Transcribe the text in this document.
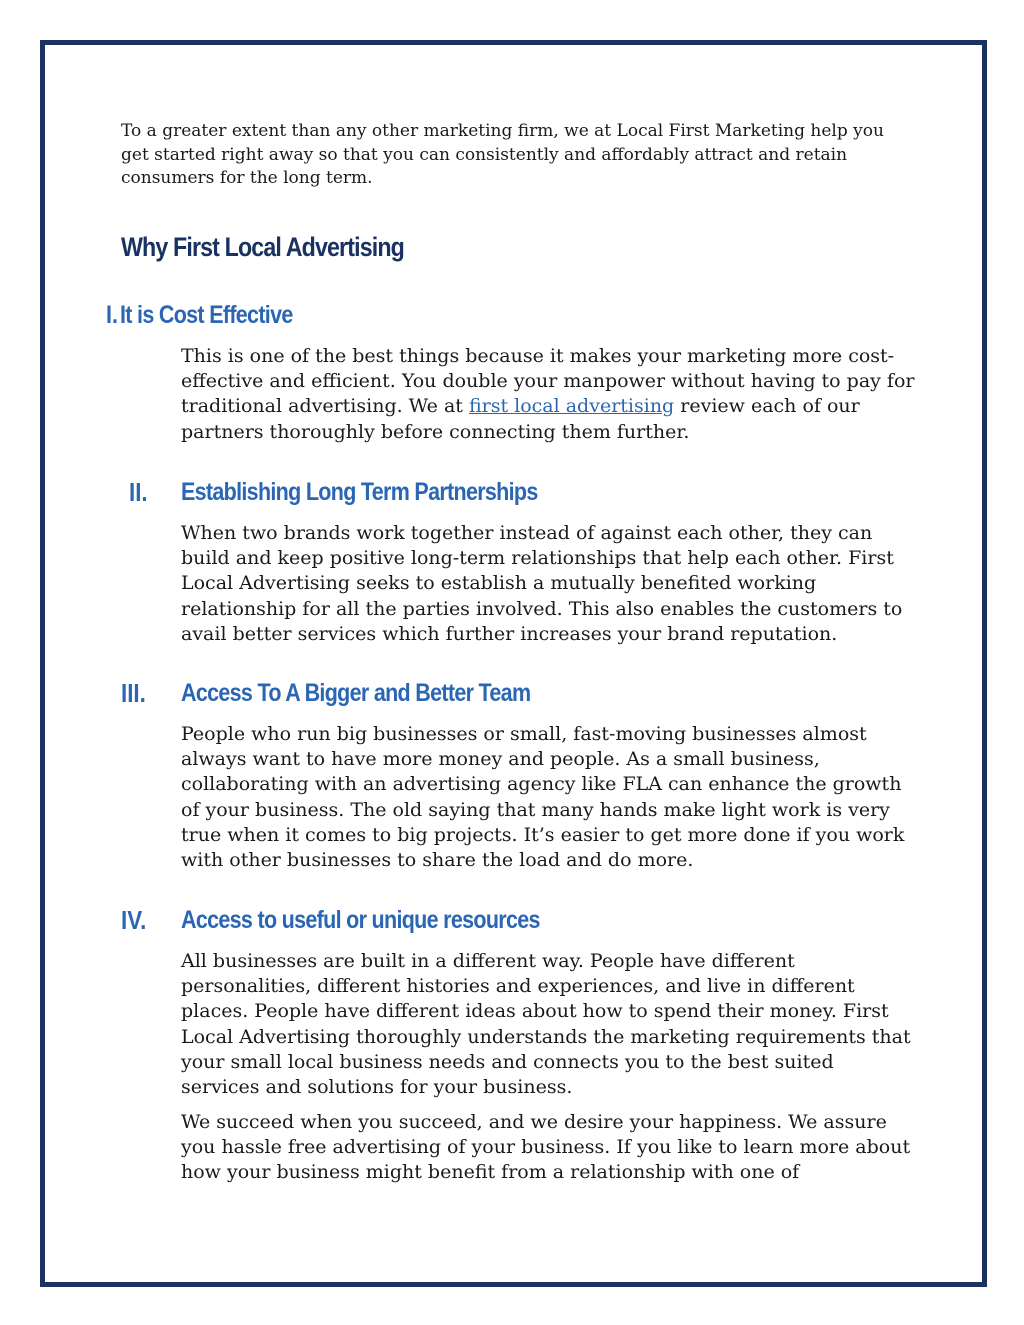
To a greater extent than any other marketing firm, we at Local First Marketing help you get started right away so that you can consistently and affordably attract and retain consumers for the long term.

Why First Local Advertising
I. It is Cost Effective

This is one of the best things because it makes your marketing more cost-effective and efficient. You double your manpower without having to pay for traditional advertising. We at first local advertising review each of our partners thoroughly before connecting them further.

II. Establishing Long Term Partnerships

When two brands work together instead of against each other, they can build and keep positive long-term relationships that help each other. First Local Advertising seeks to establish a mutually benefited working relationship for all the parties involved. This also enables the customers to avail better services which further increases your brand reputation.

III. Access To A Bigger and Better Team

People who run big businesses or small, fast-moving businesses almost always want to have more money and people. As a small business, collaborating with an advertising agency like FLA can enhance the growth of your business. The old saying that many hands make light work is very true when it comes to big projects. It’s easier to get more done if you work with other businesses to share the load and do more.

IV. Access to useful or unique resources

All businesses are built in a different way. People have different personalities, different histories and experiences, and live in different places. People have different ideas about how to spend their money. First Local Advertising thoroughly understands the marketing requirements that your small local business needs and connects you to the best suited services and solutions for your business.

We succeed when you succeed, and we desire your happiness. We assure you hassle free advertising of your business. If you like to learn more about how your business might benefit from a relationship with one of
